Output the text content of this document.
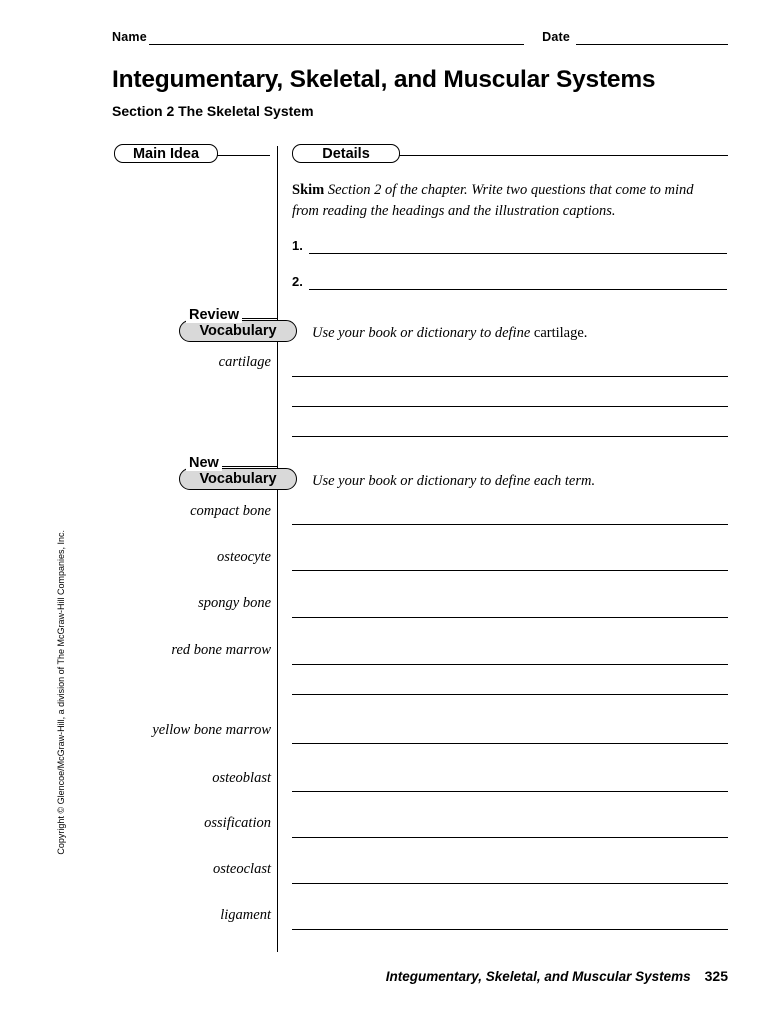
Name	Date
Integumentary, Skeletal, and Muscular Systems
Section 2 The Skeletal System
Main Idea	Details
Skim Section 2 of the chapter. Write two questions that come to mind from reading the headings and the illustration captions.
1.
2.
Review
Vocabulary	Use your book or dictionary to define cartilage.
cartilage
New
Vocabulary	Use your book or dictionary to define each term.
compact bone
osteocyte
spongy bone
red bone marrow
yellow bone marrow
osteoblast
ossification
osteoclast
ligament
Copyright © Glencoe/McGraw-Hill, a division of The McGraw-Hill Companies, Inc.
Integumentary, Skeletal, and Muscular Systems 325
